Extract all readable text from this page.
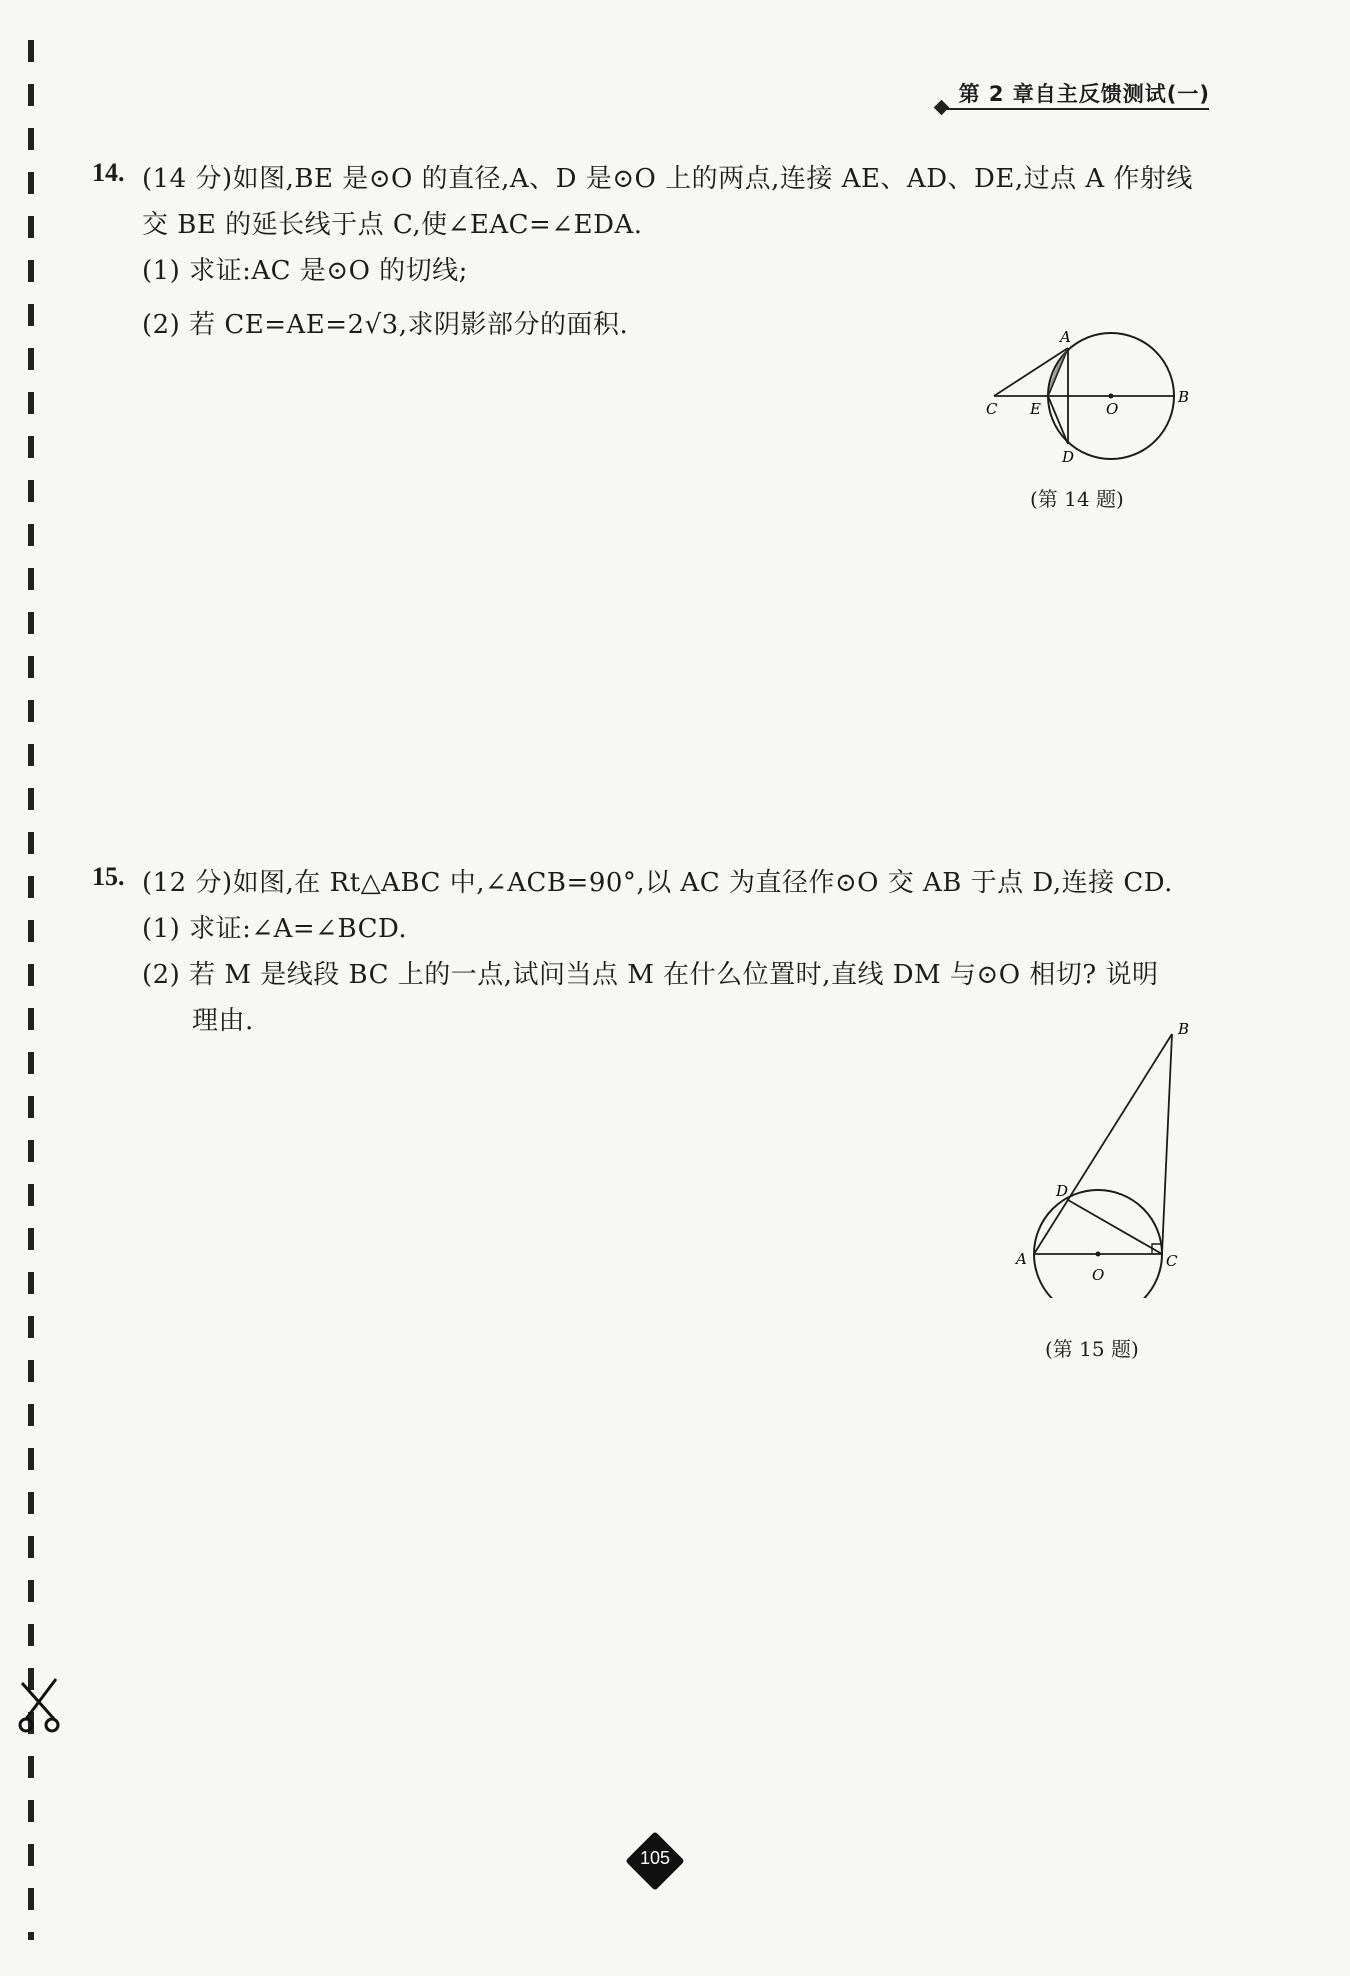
第 2 章自主反馈测试(一)
14. (14 分)如图,BE 是⊙O 的直径,A、D 是⊙O 上的两点,连接 AE、AD、DE,过点 A 作射线
交 BE 的延长线于点 C,使∠EAC=∠EDA.
(1) 求证:AC 是⊙O 的切线;
(2) 若 CE=AE=2√3,求阴影部分的面积.	A
B
C
D
E	O
(第 14 题)
15. (12 分)如图,在 Rt△ABC 中,∠ACB=90°,以 AC 为直径作⊙O 交 AB 于点 D,连接 CD.
(1) 求证:∠A=∠BCD.
(2) 若 M 是线段 BC 上的一点,试问当点 M 在什么位置时,直线 DM 与⊙O 相切? 说明
理由.	B
D
A	C
O
(第 15 题)
105
